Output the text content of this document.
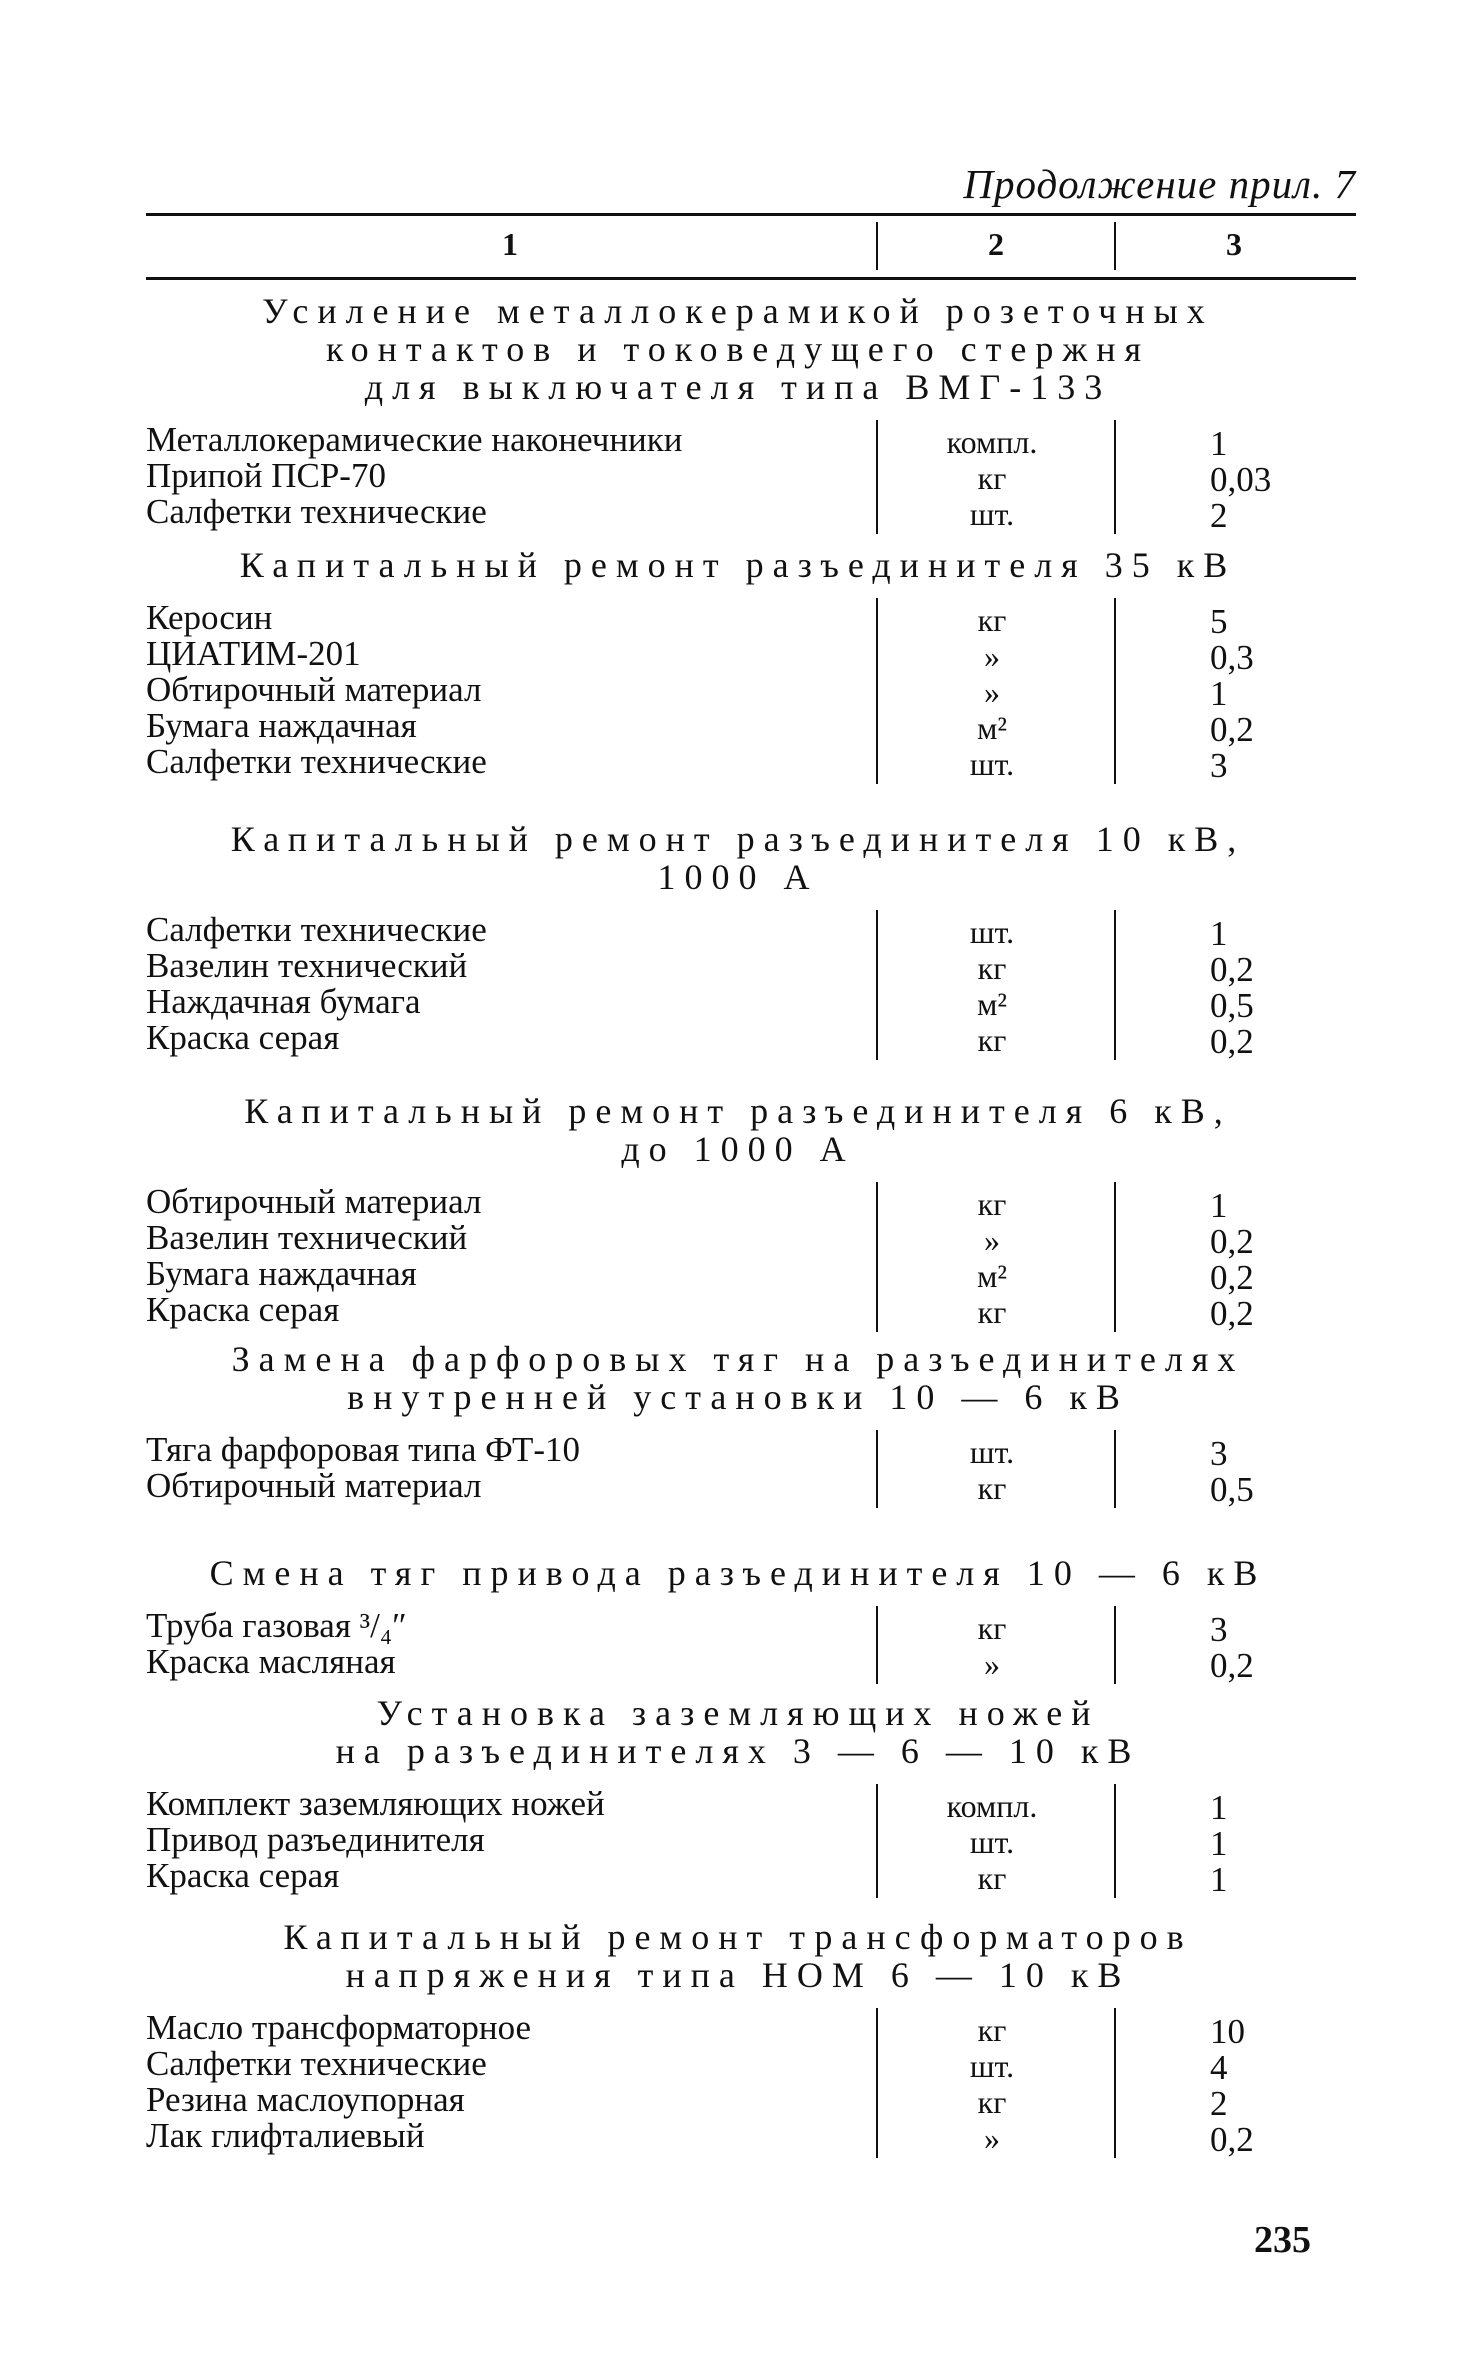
Продолжение прил. 7
1	2	3
Усиление металлокерамикой розеточных
контактов и токоведущего стержня
для выключателя типа ВМГ-133
Металлокерамические наконечники	компл.	1
Припой ПСР-70	кг	0,03
Салфетки технические	шт.	2
Капитальный ремонт разъединителя 35 кВ
Керосин	кг	5
ЦИАТИМ-201	»	0,3
Обтирочный материал	»	1
Бумага наждачная	м²	0,2
Салфетки технические	шт.	3
Капитальный ремонт разъединителя 10 кВ,
1000 А
Салфетки технические	шт.	1
Вазелин технический	кг	0,2
Наждачная бумага	м²	0,5
Краска серая	кг	0,2
Капитальный ремонт разъединителя 6 кВ,
до 1000 А
Обтирочный материал	кг	1
Вазелин технический	»	0,2
Бумага наждачная	м²	0,2
Краска серая	кг	0,2
Замена фарфоровых тяг на разъединителях
внутренней установки 10 — 6 кВ
Тяга фарфоровая типа ФТ-10	шт.	3
Обтирочный материал	кг	0,5
Смена тяг привода разъединителя 10 — 6 кВ
Труба газовая ³/₄″	кг	3
Краска масляная	»	0,2
Установка заземляющих ножей
на разъединителях 3 — 6 — 10 кВ
Комплект заземляющих ножей	компл.	1
Привод разъединителя	шт.	1
Краска серая	кг	1
Капитальный ремонт трансформаторов
напряжения типа НОМ 6 — 10 кВ
Масло трансформаторное	кг	10
Салфетки технические	шт.	4
Резина маслоупорная	кг	2
Лак глифталиевый	»	0,2
235
